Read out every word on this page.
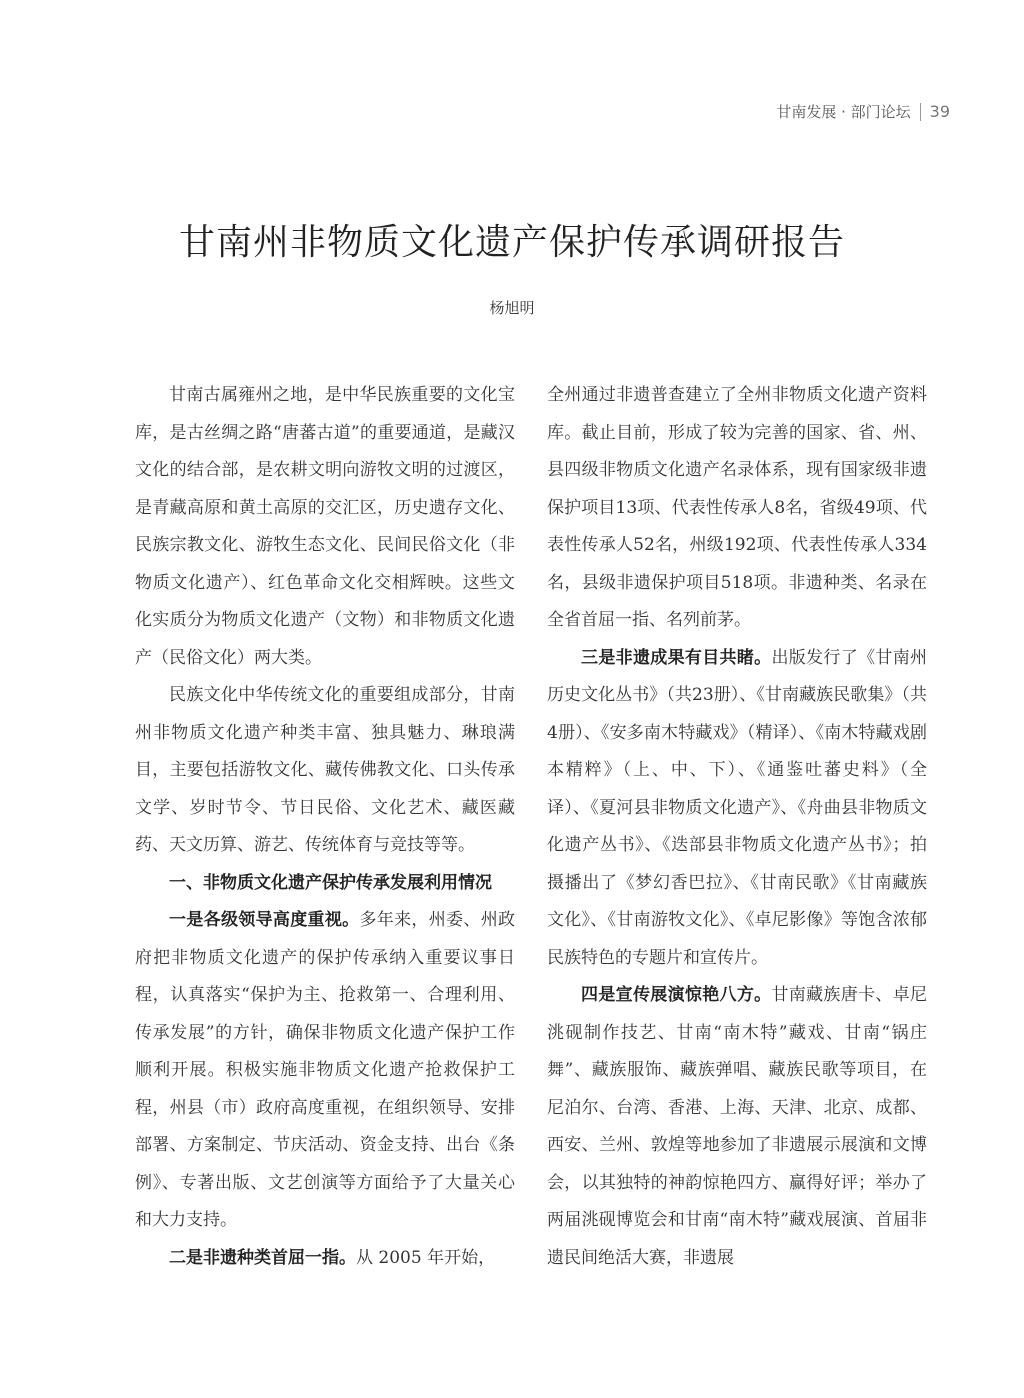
甘南发展 · 部门论坛 39
甘南州非物质文化遗产保护传承调研报告
杨旭明

甘南古属雍州之地，是中华民族重要的文化宝库，是古丝绸之路“唐蕃古道”的重要通道，是藏汉文化的结合部，是农耕文明向游牧文明的过渡区，是青藏高原和黄土高原的交汇区，历史遗存文化、民族宗教文化、游牧生态文化、民间民俗文化（非物质文化遗产）、红色革命文化交相辉映。这些文化实质分为物质文化遗产（文物）和非物质文化遗产（民俗文化）两大类。

民族文化中华传统文化的重要组成部分，甘南州非物质文化遗产种类丰富、独具魅力、琳琅满目，主要包括游牧文化、藏传佛教文化、口头传承文学、岁时节令、节日民俗、文化艺术、藏医藏药、天文历算、游艺、传统体育与竞技等等。

一、非物质文化遗产保护传承发展利用情况

一是各级领导高度重视。多年来，州委、州政府把非物质文化遗产的保护传承纳入重要议事日程，认真落实“保护为主、抢救第一、合理利用、传承发展”的方针，确保非物质文化遗产保护工作顺利开展。积极实施非物质文化遗产抢救保护工程，州县（市）政府高度重视，在组织领导、安排部署、方案制定、节庆活动、资金支持、出台《条例》、专著出版、文艺创演等方面给予了大量关心和大力支持。

二是非遗种类首屈一指。从 2005 年开始，

全州通过非遗普查建立了全州非物质文化遗产资料库。截止目前，形成了较为完善的国家、省、州、县四级非物质文化遗产名录体系，现有国家级非遗保护项目13项、代表性传承人8名，省级49项、代表性传承人52名，州级192项、代表性传承人334名，县级非遗保护项目518项。非遗种类、名录在全省首屈一指、名列前茅。

三是非遗成果有目共睹。出版发行了《甘南州历史文化丛书》（共23册）、《甘南藏族民歌集》（共4册）、《安多南木特藏戏》（精译）、《南木特藏戏剧本精粹》（上、中、下）、《通鉴吐蕃史料》（全译）、《夏河县非物质文化遗产》、《舟曲县非物质文化遗产丛书》、《迭部县非物质文化遗产丛书》；拍摄播出了《梦幻香巴拉》、《甘南民歌》《甘南藏族文化》、《甘南游牧文化》、《卓尼影像》等饱含浓郁民族特色的专题片和宣传片。

四是宣传展演惊艳八方。甘南藏族唐卡、卓尼洮砚制作技艺、甘南“南木特”藏戏、甘南“锅庄舞”、藏族服饰、藏族弹唱、藏族民歌等项目，在尼泊尔、台湾、香港、上海、天津、北京、成都、西安、兰州、敦煌等地参加了非遗展示展演和文博会，以其独特的神韵惊艳四方、赢得好评；举办了两届洮砚博览会和甘南“南木特”藏戏展演、首届非遗民间绝活大赛，非遗展
